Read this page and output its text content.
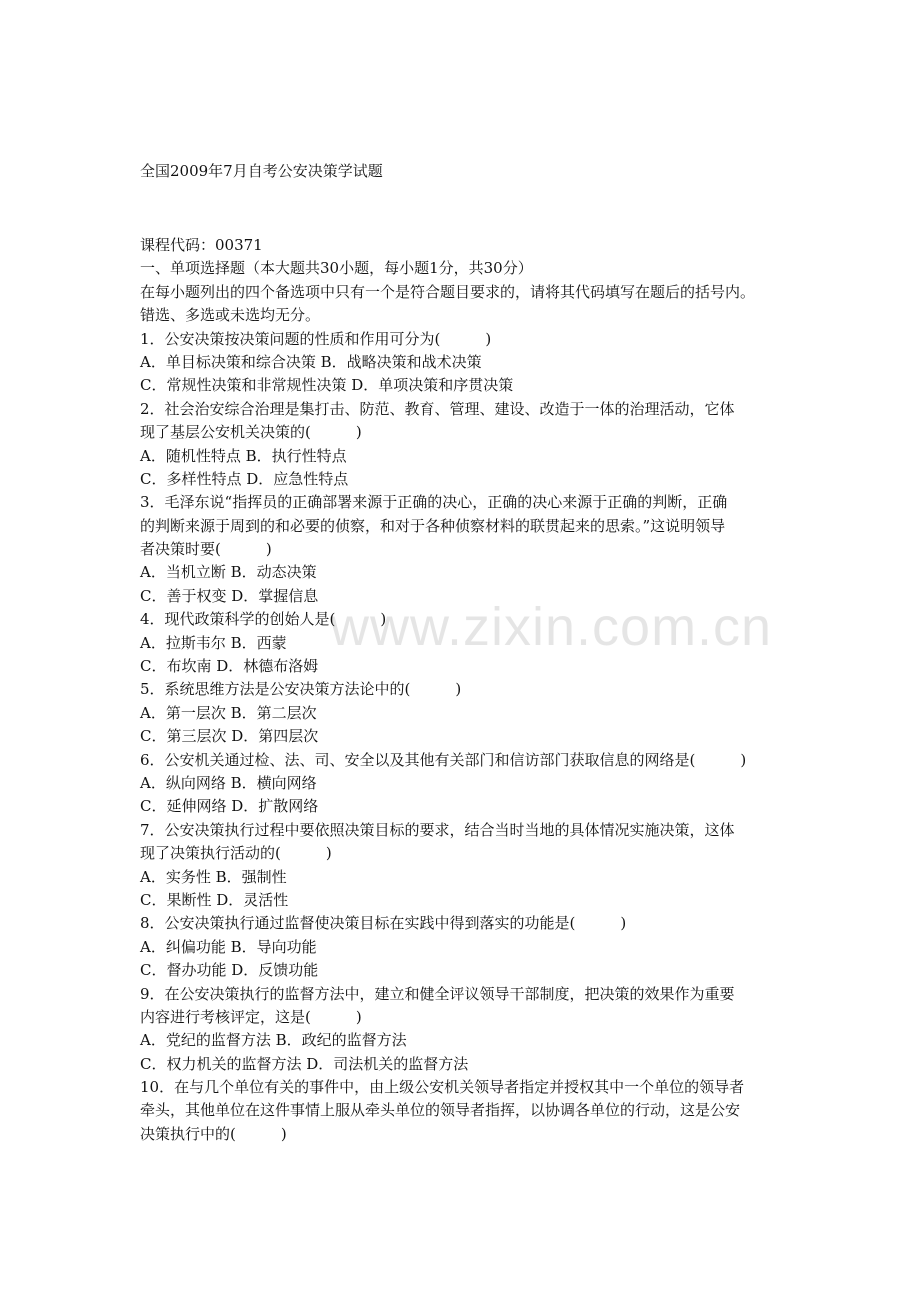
全国2009年7月自考公安决策学试题
课程代码：00371
一、单项选择题（本大题共30小题，每小题1分，共30分）
在每小题列出的四个备选项中只有一个是符合题目要求的，请将其代码填写在题后的括号内。
错选、多选或未选均无分。
1．公安决策按决策问题的性质和作用可分为(　　　)
A．单目标决策和综合决策 B．战略决策和战术决策
C．常规性决策和非常规性决策 D．单项决策和序贯决策
2．社会治安综合治理是集打击、防范、教育、管理、建设、改造于一体的治理活动，它体
现了基层公安机关决策的(　　　)
A．随机性特点 B．执行性特点
C．多样性特点 D．应急性特点
3．毛泽东说“指挥员的正确部署来源于正确的决心，正确的决心来源于正确的判断，正确
的判断来源于周到的和必要的侦察，和对于各种侦察材料的联贯起来的思索。”这说明领导
者决策时要(　　　)
A．当机立断 B．动态决策
C．善于权变 D．掌握信息
4．现代政策科学的创始人是(　　　)
A．拉斯韦尔 B．西蒙
C．布坎南 D．林德布洛姆
5．系统思维方法是公安决策方法论中的(　　　)
A．第一层次 B．第二层次
C．第三层次 D．第四层次
6．公安机关通过检、法、司、安全以及其他有关部门和信访部门获取信息的网络是(　　　)
A．纵向网络 B．横向网络
C．延伸网络 D．扩散网络
7．公安决策执行过程中要依照决策目标的要求，结合当时当地的具体情况实施决策，这体
现了决策执行活动的(　　　)
A．实务性 B．强制性
C．果断性 D．灵活性
8．公安决策执行通过监督使决策目标在实践中得到落实的功能是(　　　)
A．纠偏功能 B．导向功能
C．督办功能 D．反馈功能
9．在公安决策执行的监督方法中，建立和健全评议领导干部制度，把决策的效果作为重要
内容进行考核评定，这是(　　　)
A．党纪的监督方法 B．政纪的监督方法
C．权力机关的监督方法 D．司法机关的监督方法
10．在与几个单位有关的事件中，由上级公安机关领导者指定并授权其中一个单位的领导者
牵头，其他单位在这件事情上服从牵头单位的领导者指挥，以协调各单位的行动，这是公安
决策执行中的(　　　)
www.zixin.com.cn
